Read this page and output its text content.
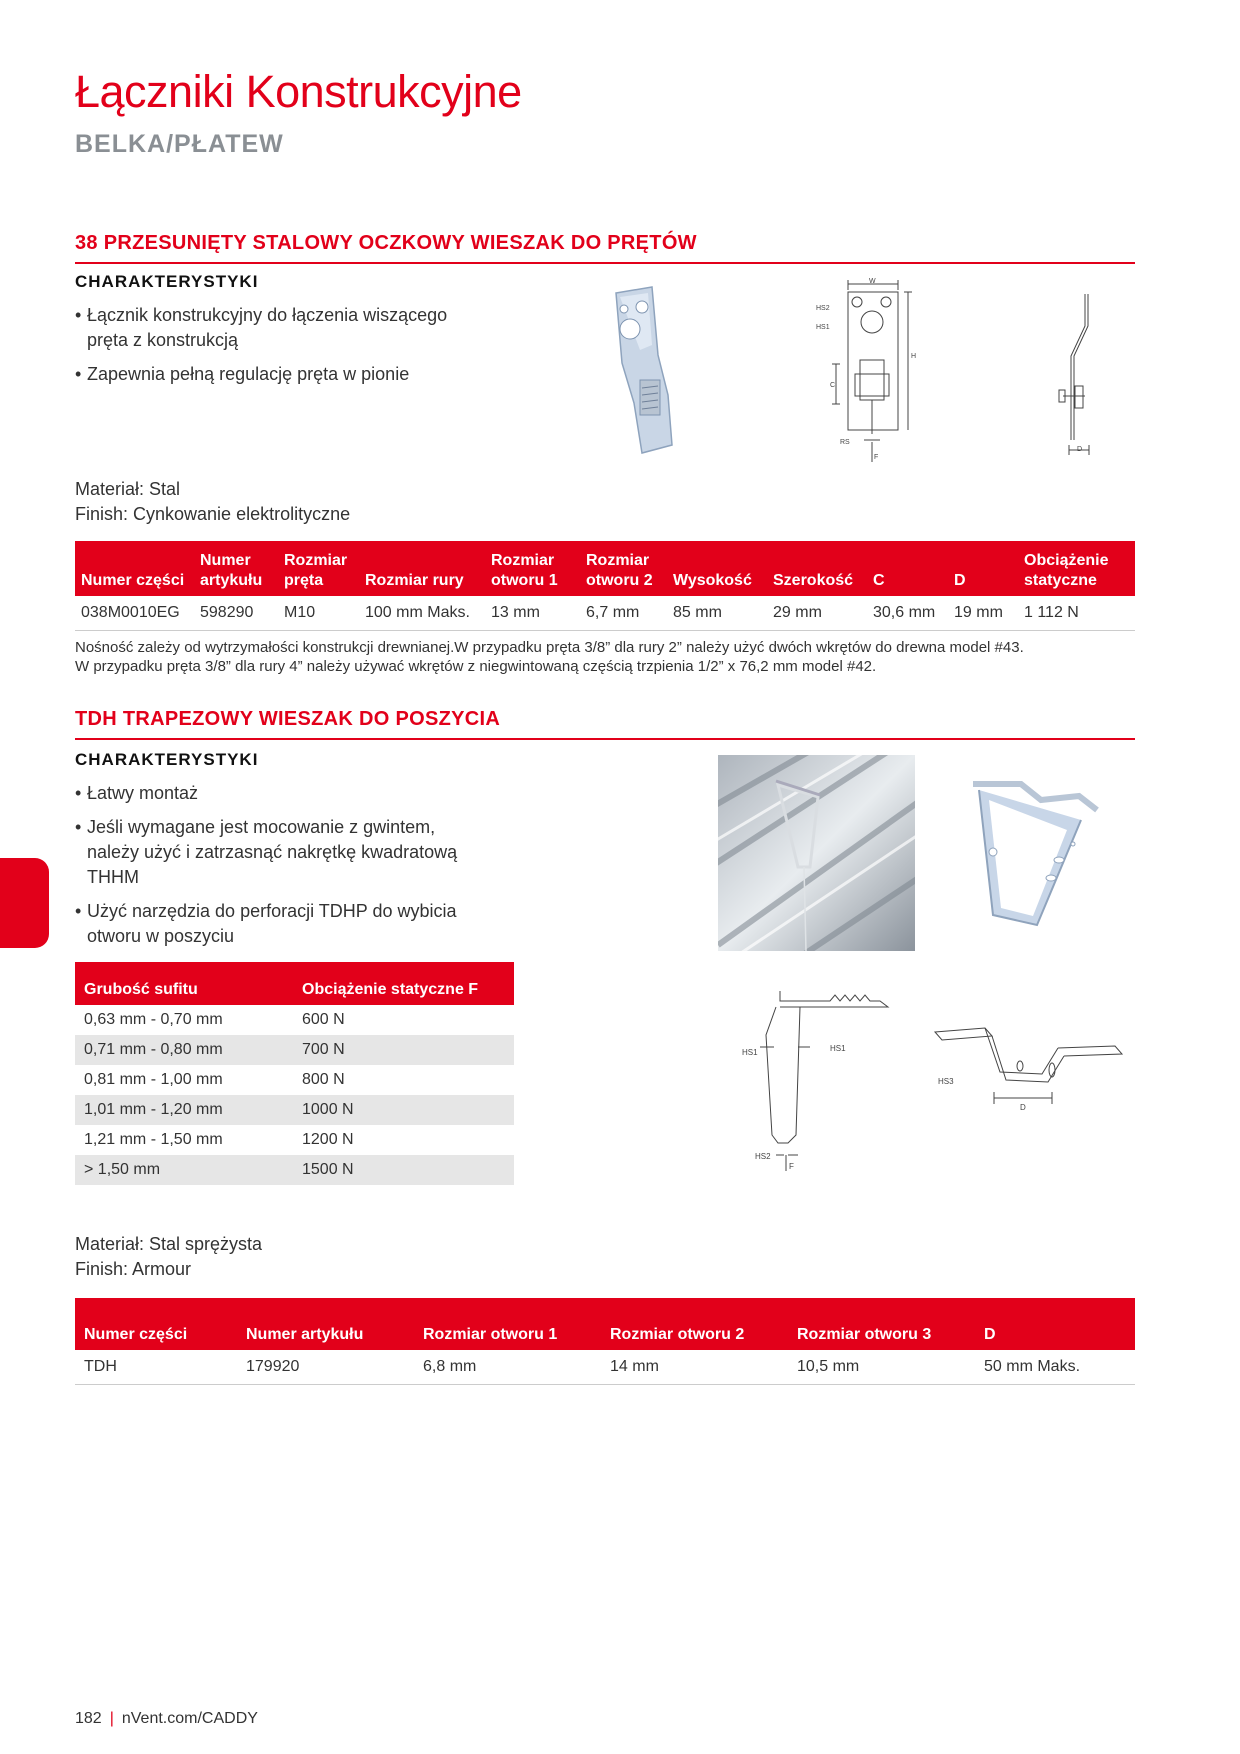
Łączniki Konstrukcyjne
BELKA/PŁATEW
38 PRZESUNIĘTY STALOWY OCZKOWY WIESZAK DO PRĘTÓW
CHARAKTERYSTYKI
• Łącznik konstrukcyjny do łączenia wiszącego pręta z konstrukcją
• Zapewnia pełną regulację pręta w pionie
W
HS2
HS1
H
C
RS
F
D
Materiał: Stal
Finish: Cynkowanie elektrolityczne
Numer części	Numer artykułu	Rozmiar pręta	Rozmiar rury	Rozmiar otworu 1	Rozmiar otworu 2	Wysokość	Szerokość	C	D	Obciążenie statyczne
038M0010EG	598290	M10	100 mm Maks.	13 mm	6,7 mm	85 mm	29 mm	30,6 mm	19 mm	1 112 N
Nośność zależy od wytrzymałości konstrukcji drewnianej.W przypadku pręta 3/8” dla rury 2” należy użyć dwóch wkrętów do drewna model #43.
W przypadku pręta 3/8” dla rury 4” należy używać wkrętów z niegwintowaną częścią trzpienia 1/2” x 76,2 mm model #42.
TDH TRAPEZOWY WIESZAK DO POSZYCIA
CHARAKTERYSTYKI
• Łatwy montaż
• Jeśli wymagane jest mocowanie z gwintem, należy użyć i zatrzasnąć nakrętkę kwadratową THHM
• Użyć narzędzia do perforacji TDHP do wybicia otworu w poszyciu
HS1	HS1
HS2
F
HS3
D
Grubość sufitu	Obciążenie statyczne F
0,63 mm - 0,70 mm	600 N
0,71 mm - 0,80 mm	700 N
0,81 mm - 1,00 mm	800 N
1,01 mm - 1,20 mm	1000 N
1,21 mm - 1,50 mm	1200 N
> 1,50 mm	1500 N
Materiał: Stal sprężysta
Finish: Armour
Numer części	Numer artykułu	Rozmiar otworu 1	Rozmiar otworu 2	Rozmiar otworu 3	D
TDH	179920	6,8 mm	14 mm	10,5 mm	50 mm Maks.
182 | nVent.com/CADDY
